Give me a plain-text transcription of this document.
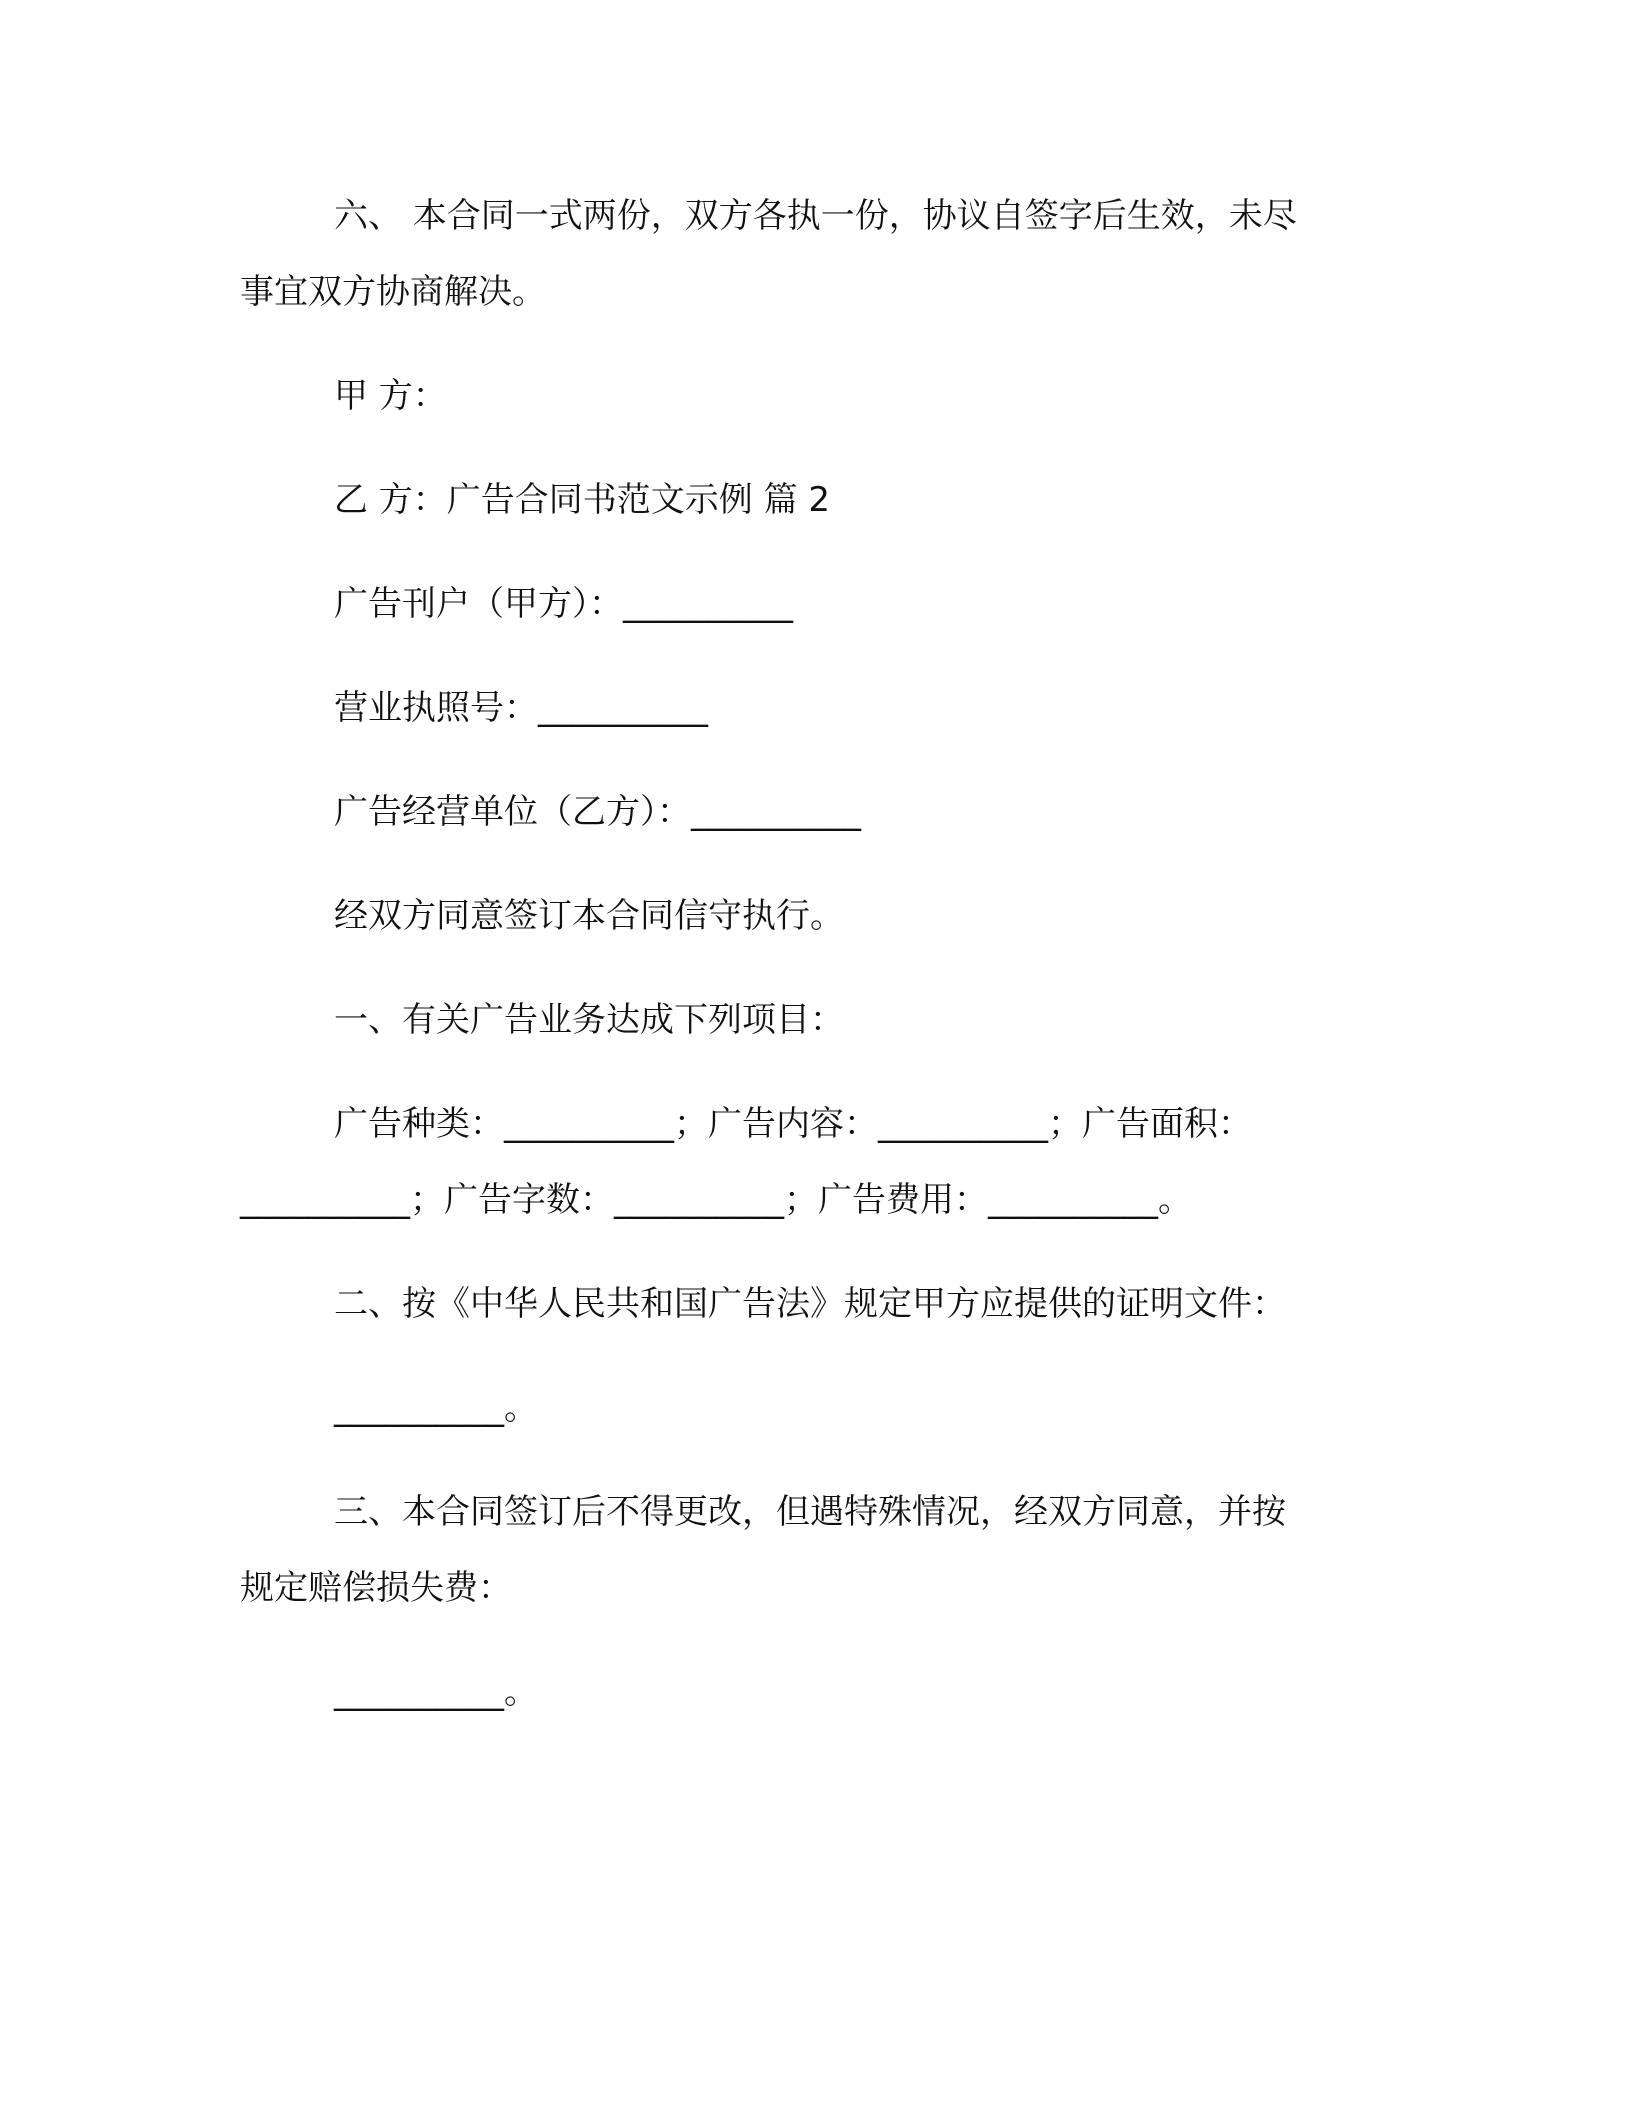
六、 本合同一式两份，双方各执一份，协议自签字后生效，未尽
事宜双方协商解决。
甲 方：
乙 方：广告合同书范文示例 篇 2
广告刊户（甲方）：__________
营业执照号：__________
广告经营单位（乙方）：__________
经双方同意签订本合同信守执行。
一、有关广告业务达成下列项目：
广告种类：__________；广告内容：__________；广告面积：
__________；广告字数：__________；广告费用：__________。
二、按《中华人民共和国广告法》规定甲方应提供的证明文件：
__________。
三、本合同签订后不得更改，但遇特殊情况，经双方同意，并按
规定赔偿损失费：
__________。
